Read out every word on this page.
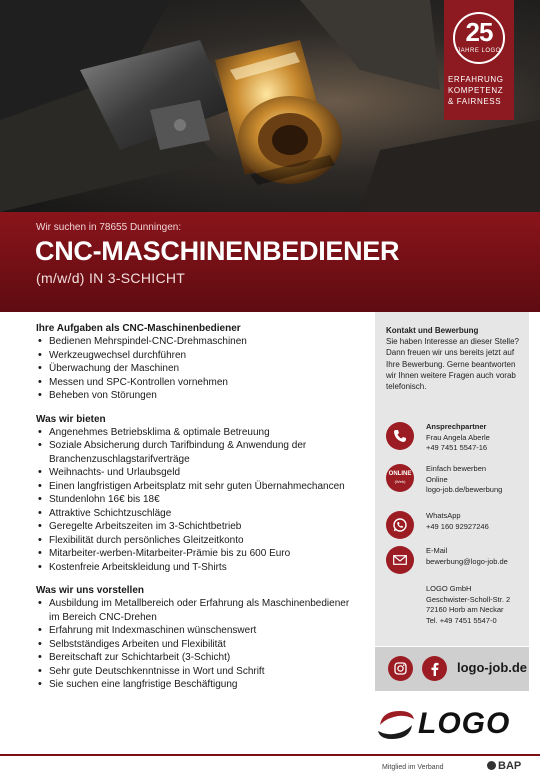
25
JAHRE LOGO
ERFAHRUNG
KOMPETENZ
& FAIRNESS
Wir suchen in 78655 Dunningen:
CNC-MASCHINENBEDIENER
(m/w/d) IN 3-SCHICHT
Ihre Aufgaben als CNC-Maschinenbediener
• Bedienen Mehrspindel-CNC-Drehmaschinen
• Werkzeugwechsel durchführen
• Überwachung der Maschinen
• Messen und SPC-Kontrollen vornehmen
• Beheben von Störungen
Was wir bieten
• Angenehmes Betriebsklima & optimale Betreuung
• Soziale Absicherung durch Tarifbindung & Anwendung der Branchenzuschlagstarifverträge
• Weihnachts- und Urlaubsgeld
• Einen langfristigen Arbeitsplatz mit sehr guten Übernahmechancen
• Stundenlohn 16€ bis 18€
• Attraktive Schichtzuschläge
• Geregelte Arbeitszeiten im 3-Schichtbetrieb
• Flexibilität durch persönliches Gleitzeitkonto
• Mitarbeiter-werben-Mitarbeiter-Prämie bis zu 600 Euro
• Kostenfreie Arbeitskleidung und T-Shirts
Was wir uns vorstellen
• Ausbildung im Metallbereich oder Erfahrung als Maschinenbediener im Bereich CNC-Drehen
• Erfahrung mit Indexmaschinen wünschenswert
• Selbstständiges Arbeiten und Flexibilität
• Bereitschaft zur Schichtarbeit (3-Schicht)
• Sehr gute Deutschkenntnisse in Wort und Schrift
• Sie suchen eine langfristige Beschäftigung
Kontakt und Bewerbung
Sie haben Interesse an dieser Stelle? Dann freuen wir uns bereits jetzt auf Ihre Bewerbung. Gerne beantworten wir Ihnen weitere Fragen auch vorab telefonisch.
Ansprechpartner
Frau Angela Aberle
+49 7451 5547-16
ONLINE
(Web)
Einfach bewerben
Online
logo-job.de/bewerbung
WhatsApp
+49 160 92927246
E-Mail
bewerbung@logo-job.de
LOGO GmbH
Geschwister-Scholl-Str. 2
72160 Horb am Neckar
Tel. +49 7451 5547-0
logo-job.de
LOGO
Mitglied im Verband	BAP
